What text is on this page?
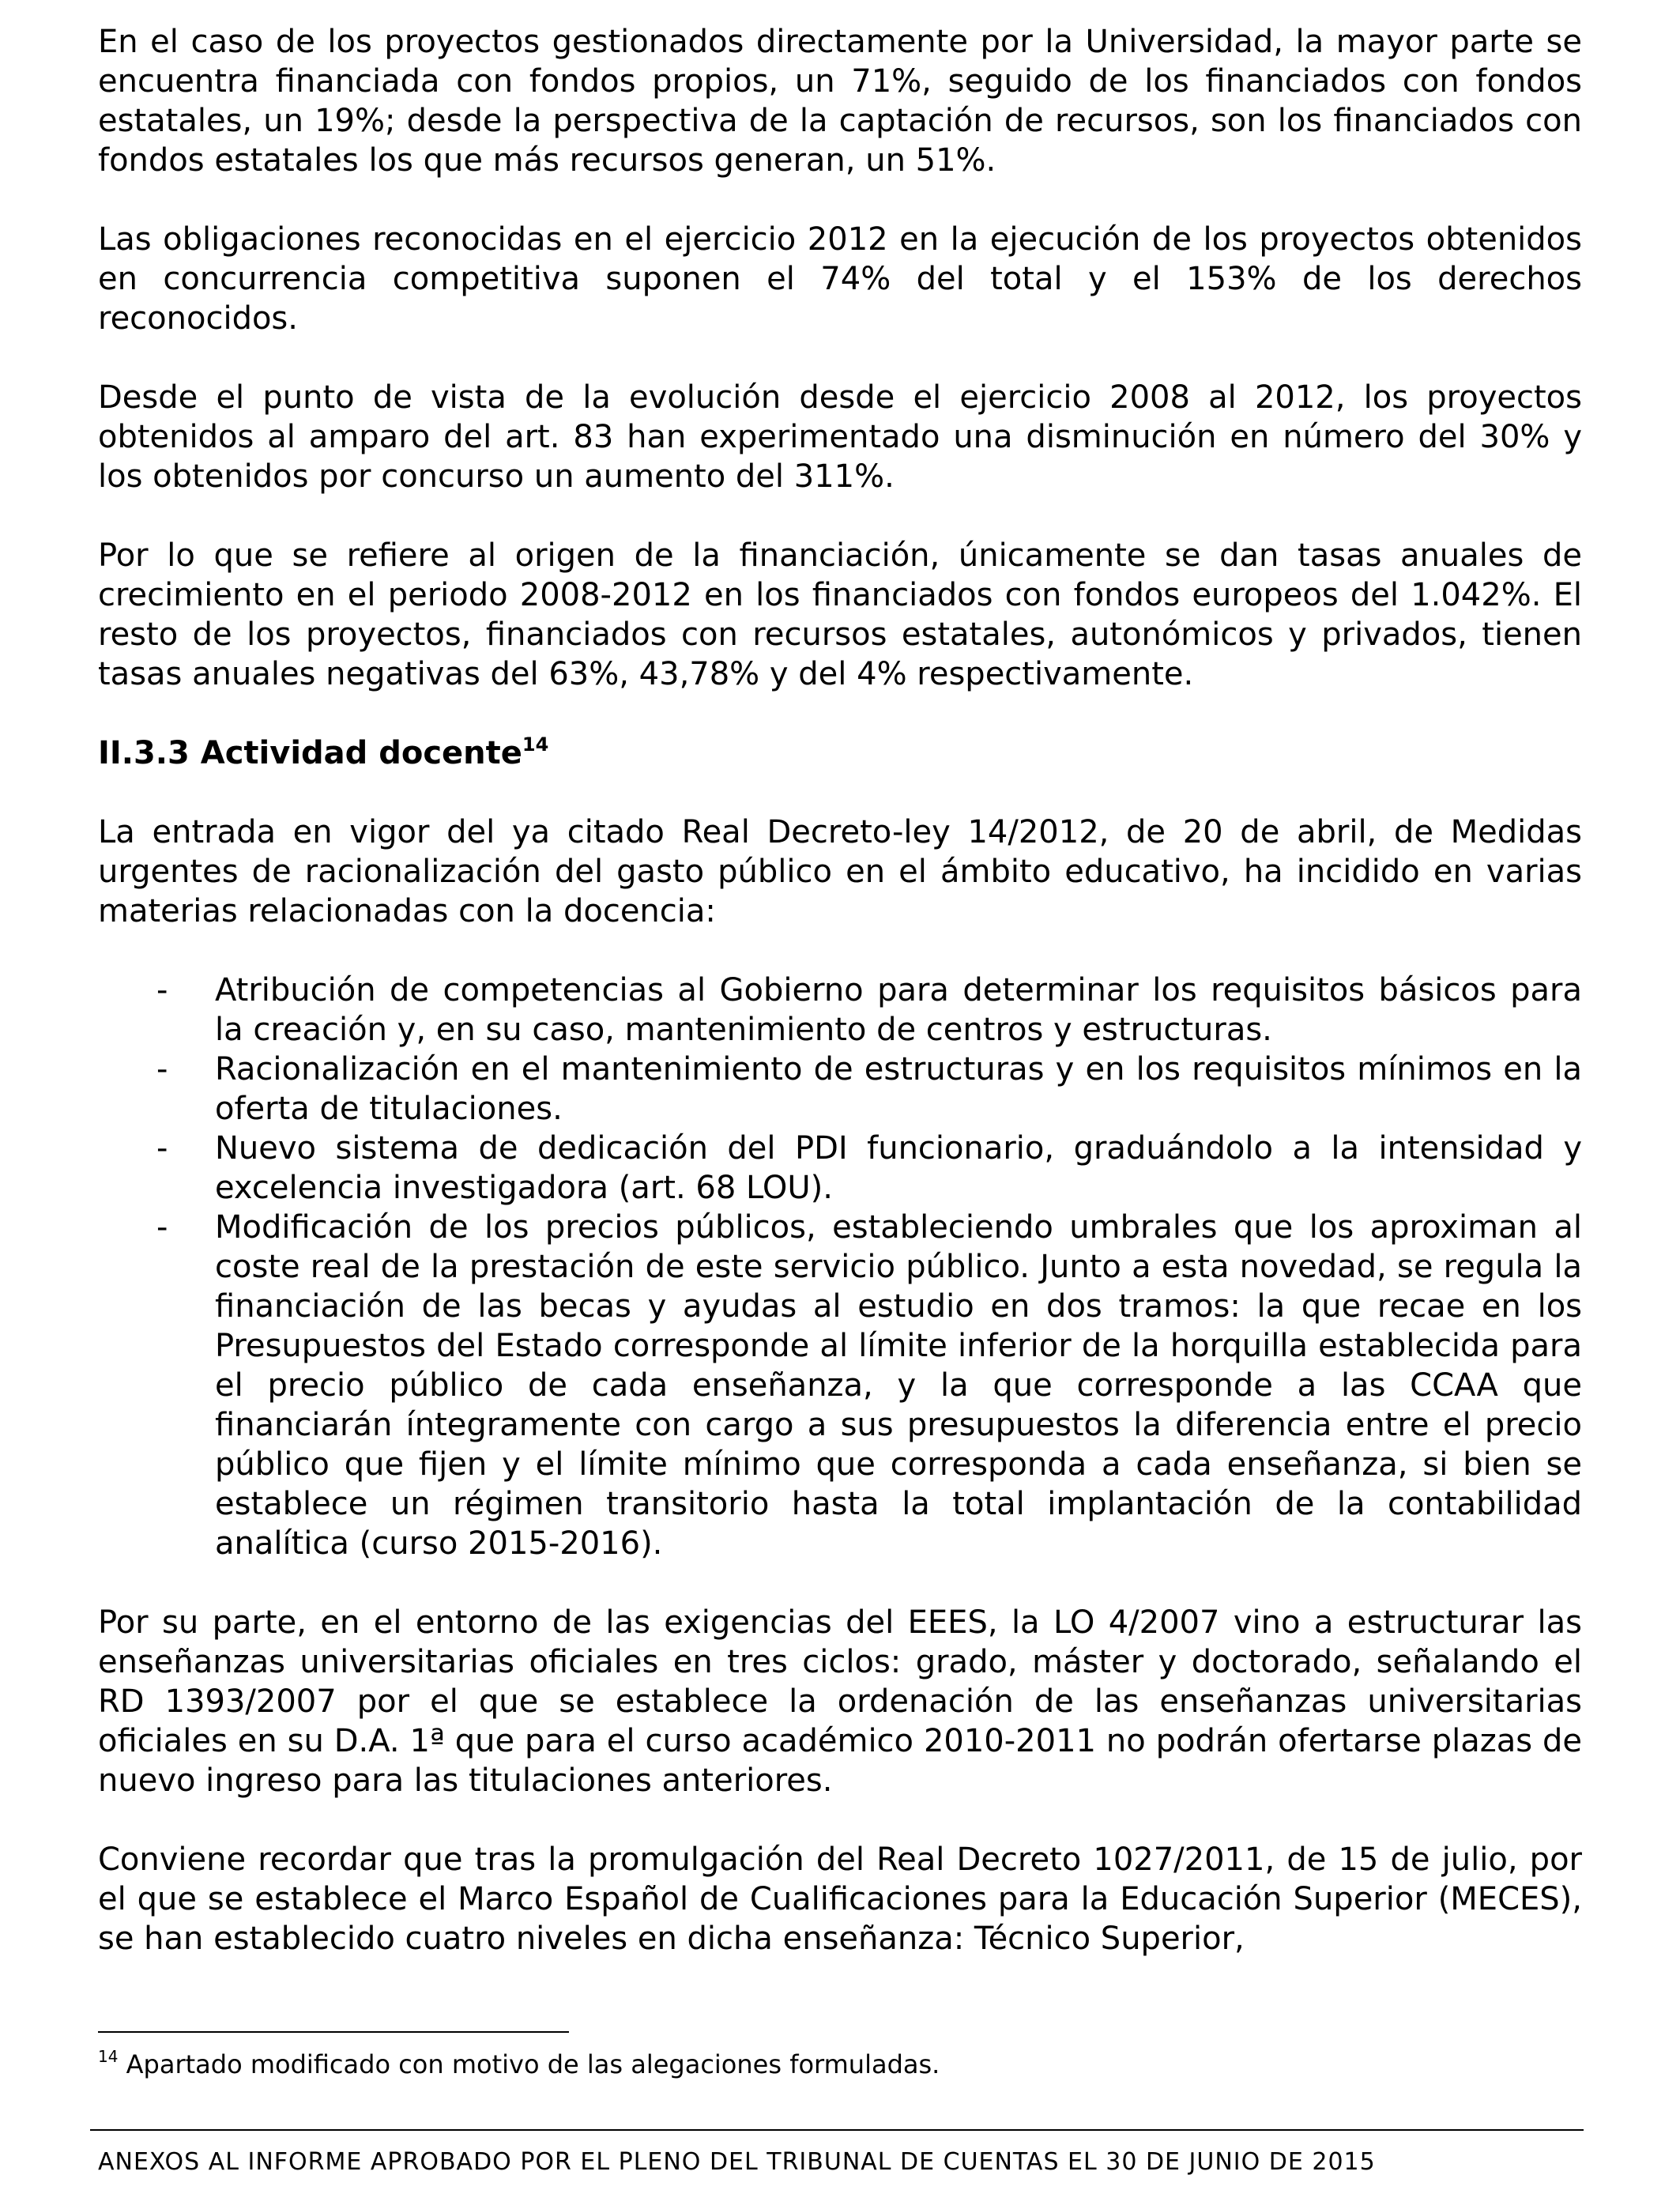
En el caso de los proyectos gestionados directamente por la Universidad, la mayor parte se encuentra financiada con fondos propios, un 71%, seguido de los financiados con fondos estatales, un 19%; desde la perspectiva de la captación de recursos, son los financiados con fondos estatales los que más recursos generan, un 51%.

Las obligaciones reconocidas en el ejercicio 2012 en la ejecución de los proyectos obtenidos en concurrencia competitiva suponen el 74% del total y el 153% de los derechos reconocidos.

Desde el punto de vista de la evolución desde el ejercicio 2008 al 2012, los proyectos obtenidos al amparo del art. 83 han experimentado una disminución en número del 30% y los obtenidos por concurso un aumento del 311%.

Por lo que se refiere al origen de la financiación, únicamente se dan tasas anuales de crecimiento en el periodo 2008-2012 en los financiados con fondos europeos del 1.042%. El resto de los proyectos, financiados con recursos estatales, autonómicos y privados, tienen tasas anuales negativas del 63%, 43,78% y del 4% respectivamente.

II.3.3 Actividad docente$^{14}$

La entrada en vigor del ya citado Real Decreto-ley 14/2012, de 20 de abril, de Medidas urgentes de racionalización del gasto público en el ámbito educativo, ha incidido en varias materias relacionadas con la docencia:

- Atribución de competencias al Gobierno para determinar los requisitos básicos para la creación y, en su caso, mantenimiento de centros y estructuras.
- Racionalización en el mantenimiento de estructuras y en los requisitos mínimos en la oferta de titulaciones.
- Nuevo sistema de dedicación del PDI funcionario, graduándolo a la intensidad y excelencia investigadora (art. 68 LOU).
- Modificación de los precios públicos, estableciendo umbrales que los aproximan al coste real de la prestación de este servicio público. Junto a esta novedad, se regula la financiación de las becas y ayudas al estudio en dos tramos: la que recae en los Presupuestos del Estado corresponde al límite inferior de la horquilla establecida para el precio público de cada enseñanza, y la que corresponde a las CCAA que financiarán íntegramente con cargo a sus presupuestos la diferencia entre el precio público que fijen y el límite mínimo que corresponda a cada enseñanza, si bien se establece un régimen transitorio hasta la total implantación de la contabilidad analítica (curso 2015-2016).

Por su parte, en el entorno de las exigencias del EEES, la LO 4/2007 vino a estructurar las enseñanzas universitarias oficiales en tres ciclos: grado, máster y doctorado, señalando el RD 1393/2007 por el que se establece la ordenación de las enseñanzas universitarias oficiales en su D.A. 1ª que para el curso académico 2010-2011 no podrán ofertarse plazas de nuevo ingreso para las titulaciones anteriores.

Conviene recordar que tras la promulgación del Real Decreto 1027/2011, de 15 de julio, por el que se establece el Marco Español de Cualificaciones para la Educación Superior (MECES), se han establecido cuatro niveles en dicha enseñanza: Técnico Superior,

$^{14}$ Apartado modificado con motivo de las alegaciones formuladas.
ANEXOS AL INFORME APROBADO POR EL PLENO DEL TRIBUNAL DE CUENTAS EL 30 DE JUNIO DE 2015
